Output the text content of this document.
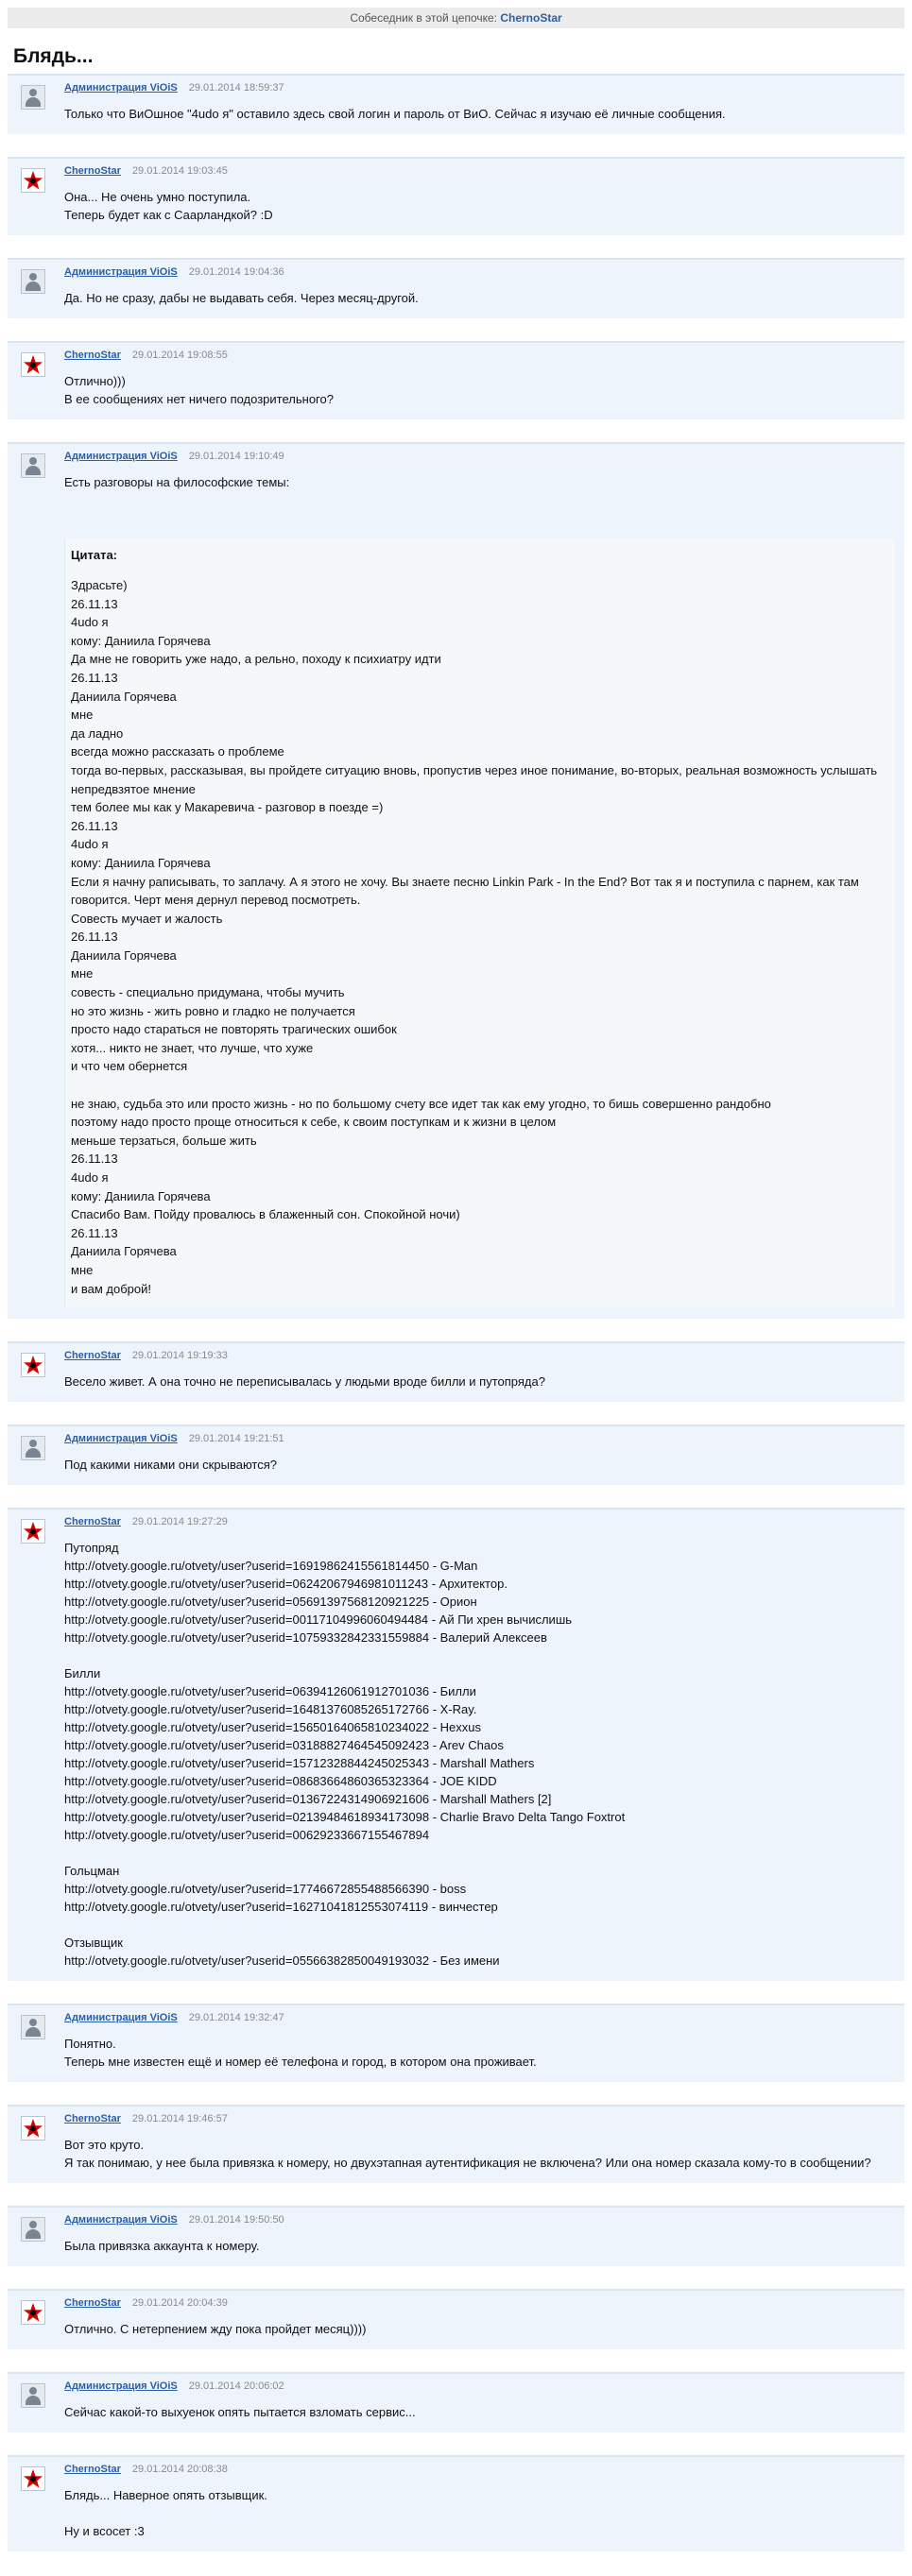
Собеседник в этой цепочке: ChernoStar
Блядь...
Администрация ViOiS 29.01.2014 18:59:37
Только что ВиОшное "4udo я" оставило здесь свой логин и пароль от ВиО. Сейчас я изучаю её личные сообщения.
ChernoStar 29.01.2014 19:03:45
Она... Не очень умно поступила.
Теперь будет как с Саарландкой? :D
Администрация ViOiS 29.01.2014 19:04:36
Да. Но не сразу, дабы не выдавать себя. Через месяц-другой.
ChernoStar 29.01.2014 19:08:55
Отлично)))
В ее сообщениях нет ничего подозрительного?
Администрация ViOiS 29.01.2014 19:10:49
Есть разговоры на философские темы:
Цитата:
Здрасьте)
26.11.13
4udo я
кому: Даниила Горячева
Да мне не говорить уже надо, а рельно, походу к психиатру идти
26.11.13
Даниила Горячева
мне
да ладно
всегда можно рассказать о проблеме
тогда во-первых, рассказывая, вы пройдете ситуацию вновь, пропустив через иное понимание, во-вторых, реальная возможность услышать непредвзятое мнение
тем более мы как у Макаревича - разговор в поезде =)
26.11.13
4udo я
кому: Даниила Горячева
Если я начну раписывать, то заплачу. А я этого не хочу. Вы знаете песню Linkin Park - In the End? Вот так я и поступила с парнем, как там говорится. Черт меня дернул перевод посмотреть.
Совесть мучает и жалость
26.11.13
Даниила Горячева
мне
совесть - специально придумана, чтобы мучить
но это жизнь - жить ровно и гладко не получается
просто надо стараться не повторять трагических ошибок
хотя... никто не знает, что лучше, что хуже
и что чем обернется

не знаю, судьба это или просто жизнь - но по большому счету все идет так как ему угодно, то бишь совершенно рандобно
поэтому надо просто проще относиться к себе, к своим поступкам и к жизни в целом
меньше терзаться, больше жить
26.11.13
4udo я
кому: Даниила Горячева
Спасибо Вам. Пойду провалюсь в блаженный сон. Спокойной ночи)
26.11.13
Даниила Горячева
мне
и вам доброй!
ChernoStar 29.01.2014 19:19:33
Весело живет. А она точно не переписывалась у людьми вроде билли и путопряда?
Администрация ViOiS 29.01.2014 19:21:51
Под какими никами они скрываются?
ChernoStar 29.01.2014 19:27:29
Путопряд
http://otvety.google.ru/otvety/user?userid=16919862415561814450 - G-Man
http://otvety.google.ru/otvety/user?userid=06242067946981011243 - Архитектор.
http://otvety.google.ru/otvety/user?userid=05691397568120921225 - Орион
http://otvety.google.ru/otvety/user?userid=00117104996060494484 - Ай Пи хрен вычислишь
http://otvety.google.ru/otvety/user?userid=10759332842331559884 - Валерий Алексеев

Билли
http://otvety.google.ru/otvety/user?userid=06394126061912701036 - Билли
http://otvety.google.ru/otvety/user?userid=16481376085265172766 - X-Ray.
http://otvety.google.ru/otvety/user?userid=15650164065810234022 - Hexxus
http://otvety.google.ru/otvety/user?userid=03188827464545092423 - Arev Chaos
http://otvety.google.ru/otvety/user?userid=15712328844245025343 - Marshall Mathers
http://otvety.google.ru/otvety/user?userid=08683664860365323364 - JOE KIDD
http://otvety.google.ru/otvety/user?userid=01367224314906921606 - Marshall Mathers [2]
http://otvety.google.ru/otvety/user?userid=02139484618934173098 - Charlie Bravo Delta Tango Foxtrot
http://otvety.google.ru/otvety/user?userid=00629233667155467894

Гольцман
http://otvety.google.ru/otvety/user?userid=17746672855488566390 - boss
http://otvety.google.ru/otvety/user?userid=16271041812553074119 - винчестер

Отзывщик
http://otvety.google.ru/otvety/user?userid=05566382850049193032 - Без имени
Администрация ViOiS 29.01.2014 19:32:47
Понятно.
Теперь мне известен ещё и номер её телефона и город, в котором она проживает.
ChernoStar 29.01.2014 19:46:57
Вот это круто.
Я так понимаю, у нее была привязка к номеру, но двухэтапная аутентификация не включена? Или она номер сказала кому-то в сообщении?
Администрация ViOiS 29.01.2014 19:50:50
Была привязка аккаунта к номеру.
ChernoStar 29.01.2014 20:04:39
Отлично. С нетерпением жду пока пройдет месяц))))
Администрация ViOiS 29.01.2014 20:06:02
Сейчас какой-то выхуенок опять пытается взломать сервис...
ChernoStar 29.01.2014 20:08:38
Блядь... Наверное опять отзывщик.

Ну и всосет :3
